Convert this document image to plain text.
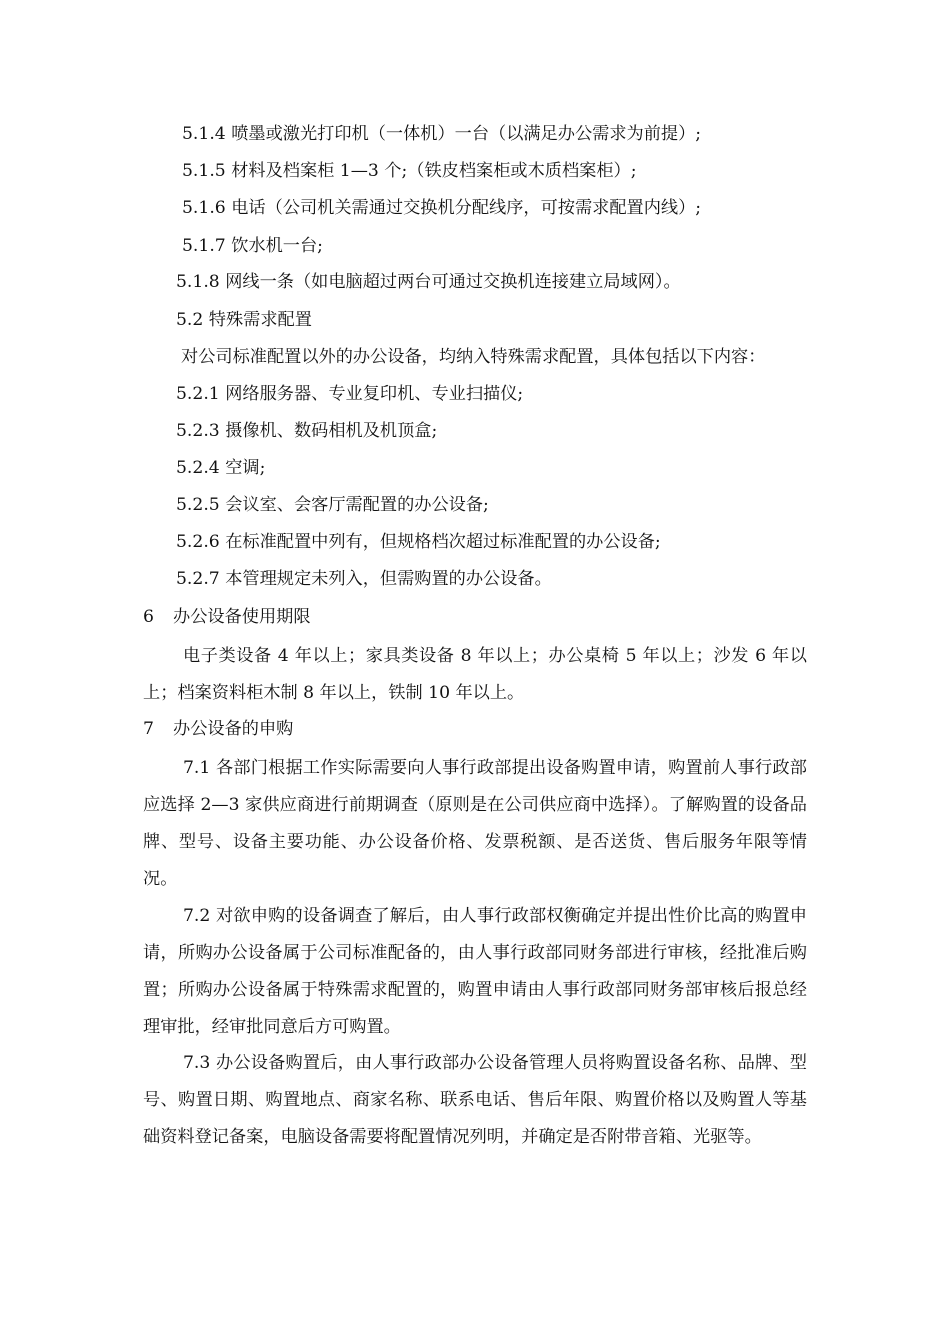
5.1.4 喷墨或激光打印机（一体机）一台（以满足办公需求为前提）;
5.1.5 材料及档案柜 1—3 个;（铁皮档案柜或木质档案柜）;
5.1.6 电话（公司机关需通过交换机分配线序，可按需求配置内线）;
5.1.7 饮水机一台;
5.1.8 网线一条（如电脑超过两台可通过交换机连接建立局域网）。
5.2 特殊需求配置
对公司标准配置以外的办公设备，均纳入特殊需求配置，具体包括以下内容：
5.2.1 网络服务器、专业复印机、专业扫描仪;
5.2.3 摄像机、数码相机及机顶盒;
5.2.4 空调;
5.2.5 会议室、会客厅需配置的办公设备;
5.2.6 在标准配置中列有，但规格档次超过标准配置的办公设备;
5.2.7 本管理规定未列入，但需购置的办公设备。
6 办公设备使用期限
电子类设备 4 年以上；家具类设备 8 年以上；办公桌椅 5 年以上；沙发 6 年以上；档案资料柜木制 8 年以上，铁制 10 年以上。
7 办公设备的申购
7.1 各部门根据工作实际需要向人事行政部提出设备购置申请，购置前人事行政部应选择 2—3 家供应商进行前期调查（原则是在公司供应商中选择）。了解购置的设备品牌、型号、设备主要功能、办公设备价格、发票税额、是否送货、售后服务年限等情况。
7.2 对欲申购的设备调查了解后，由人事行政部权衡确定并提出性价比高的购置申请，所购办公设备属于公司标准配备的，由人事行政部同财务部进行审核，经批准后购置；所购办公设备属于特殊需求配置的，购置申请由人事行政部同财务部审核后报总经理审批，经审批同意后方可购置。
7.3 办公设备购置后，由人事行政部办公设备管理人员将购置设备名称、品牌、型号、购置日期、购置地点、商家名称、联系电话、售后年限、购置价格以及购置人等基础资料登记备案，电脑设备需要将配置情况列明，并确定是否附带音箱、光驱等。
